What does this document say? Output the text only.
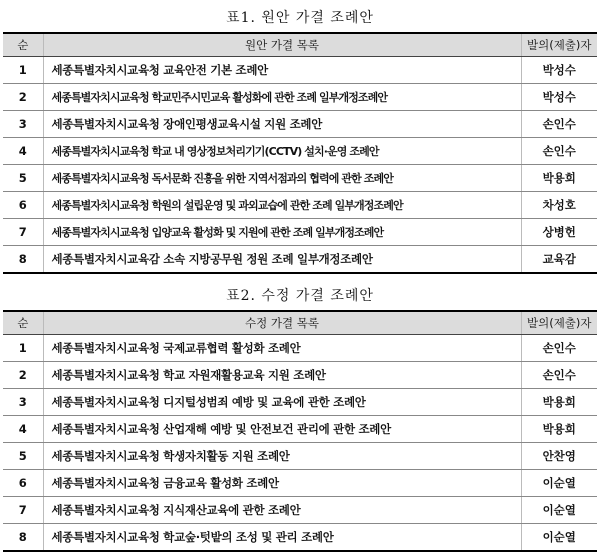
표1. 원안 가결 조례안
순	원안 가결 목록	발의(제출)자
1	세종특별자치시교육청 교육안전 기본 조례안	박성수
2	세종특별자치시교육청 학교민주시민교육 활성화에 관한 조례 일부개정조례안	박성수
3	세종특별자치시교육청 장애인평생교육시설 지원 조례안	손인수
4	세종특별자치시교육청 학교 내 영상정보처리기기(CCTV) 설치·운영 조례안	손인수
5	세종특별자치시교육청 독서문화 진흥을 위한 지역서점과의 협력에 관한 조례안	박용희
6	세종특별자치시교육청 학원의 설립운영 및 과외교습에 관한 조례 일부개정조례안	차성호
7	세종특별자치시교육청 입양교육 활성화 및 지원에 관한 조례 일부개정조례안	상병헌
8	세종특별자치시교육감 소속 지방공무원 정원 조례 일부개정조례안	교육감
표2. 수정 가결 조례안
순	수정 가결 목록	발의(제출)자
1	세종특별자치시교육청 국제교류협력 활성화 조례안	손인수
2	세종특별자치시교육청 학교 자원재활용교육 지원 조례안	손인수
3	세종특별자치시교육청 디지털성범죄 예방 및 교육에 관한 조례안	박용희
4	세종특별자치시교육청 산업재해 예방 및 안전보건 관리에 관한 조례안	박용희
5	세종특별자치시교육청 학생자치활동 지원 조례안	안찬영
6	세종특별자치시교육청 금융교육 활성화 조례안	이순열
7	세종특별자치시교육청 지식재산교육에 관한 조례안	이순열
8	세종특별자치시교육청 학교숲·텃밭의 조성 및 관리 조례안	이순열
